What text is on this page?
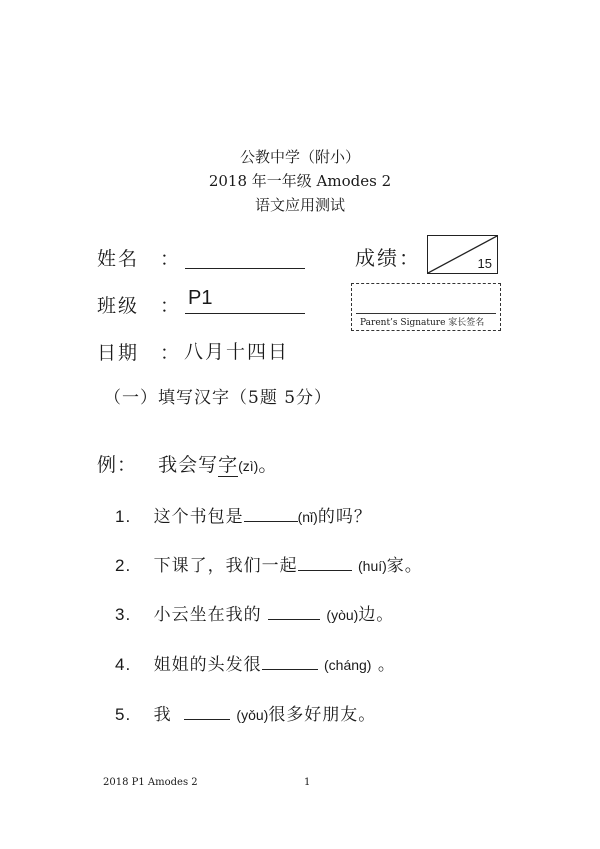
公教中学（附小）
2018 年一年级 Amodes 2
语文应用测试
姓名　：	成绩：	15
班级　： P1
Parent’s Signature 家长签名
日期　： 八月十四日
（一）填写汉字（5题 5分）
例： 我会写字(zì)。
1. 这个书包是	(nǐ)的吗？
2. 下课了，我们一起	(huí)家。
3. 小云坐在我的	(yòu)边。
4. 姐姐的头发很	(cháng) 。
5. 我	(yǒu)很多好朋友。
2018 P1 Amodes 2	1
